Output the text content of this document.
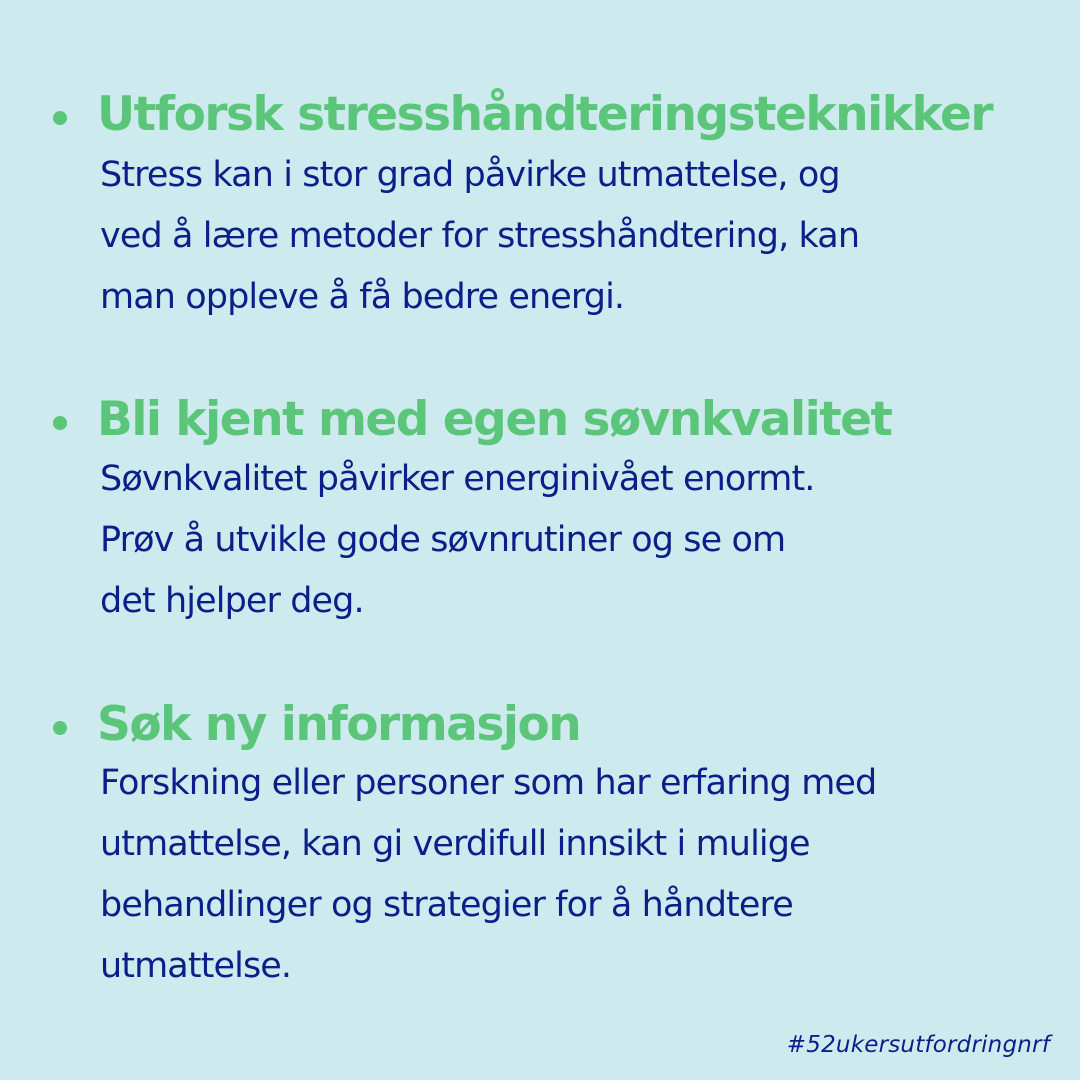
Utforsk stresshåndteringsteknikker

Stress kan i stor grad påvirke utmattelse, og

ved å lære metoder for stresshåndtering, kan

man oppleve å få bedre energi.

Bli kjent med egen søvnkvalitet

Søvnkvalitet påvirker energinivået enormt.

Prøv å utvikle gode søvnrutiner og se om

det hjelper deg.

Søk ny informasjon

Forskning eller personer som har erfaring med

utmattelse, kan gi verdifull innsikt i mulige

behandlinger og strategier for å håndtere

utmattelse.

#52ukersutfordringnrf
